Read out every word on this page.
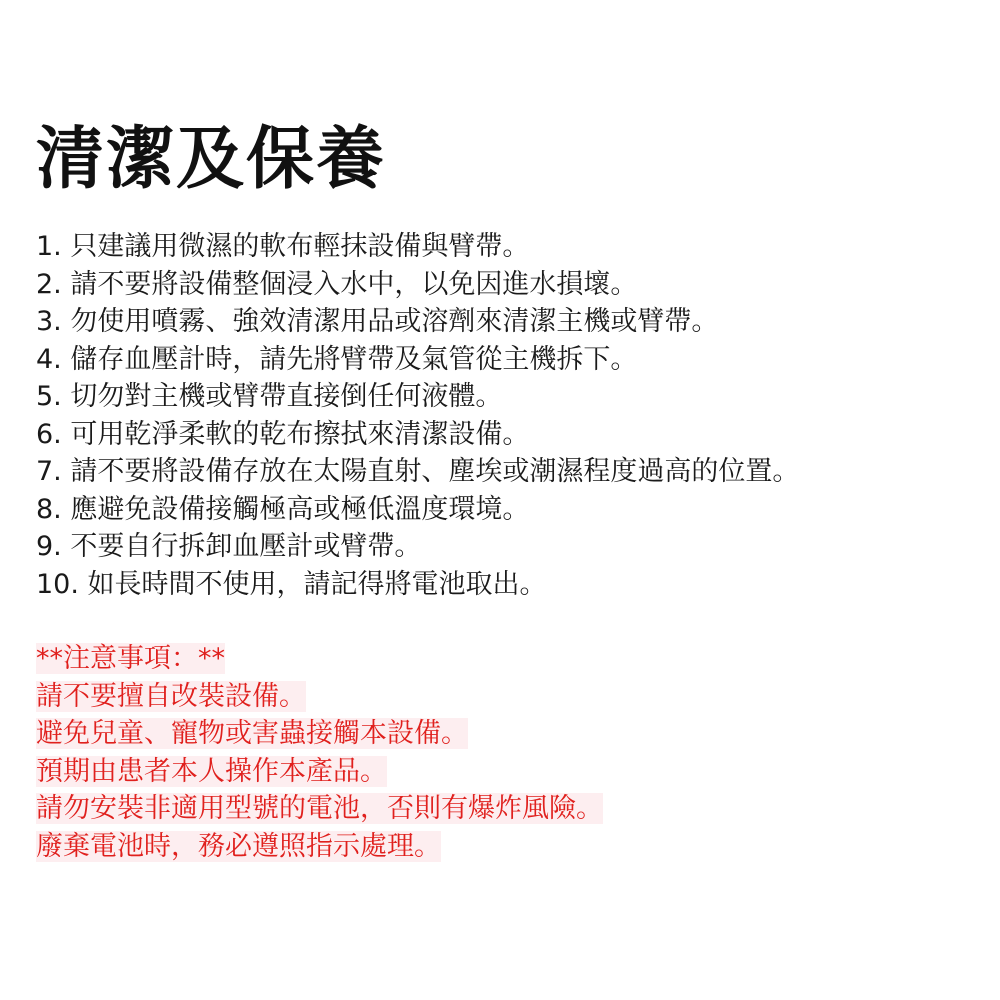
清潔及保養
1. 只建議用微濕的軟布輕抹設備與臂帶。
2. 請不要將設備整個浸入水中，以免因進水損壞。
3. 勿使用噴霧、強效清潔用品或溶劑來清潔主機或臂帶。
4. 儲存血壓計時，請先將臂帶及氣管從主機拆下。
5. 切勿對主機或臂帶直接倒任何液體。
6. 可用乾淨柔軟的乾布擦拭來清潔設備。
7. 請不要將設備存放在太陽直射、塵埃或潮濕程度過高的位置。
8. 應避免設備接觸極高或極低溫度環境。
9. 不要自行拆卸血壓計或臂帶。
10. 如長時間不使用，請記得將電池取出。
**注意事項：**
請不要擅自改裝設備。
避免兒童、寵物或害蟲接觸本設備。
預期由患者本人操作本產品。
請勿安裝非適用型號的電池，否則有爆炸風險。
廢棄電池時，務必遵照指示處理。
